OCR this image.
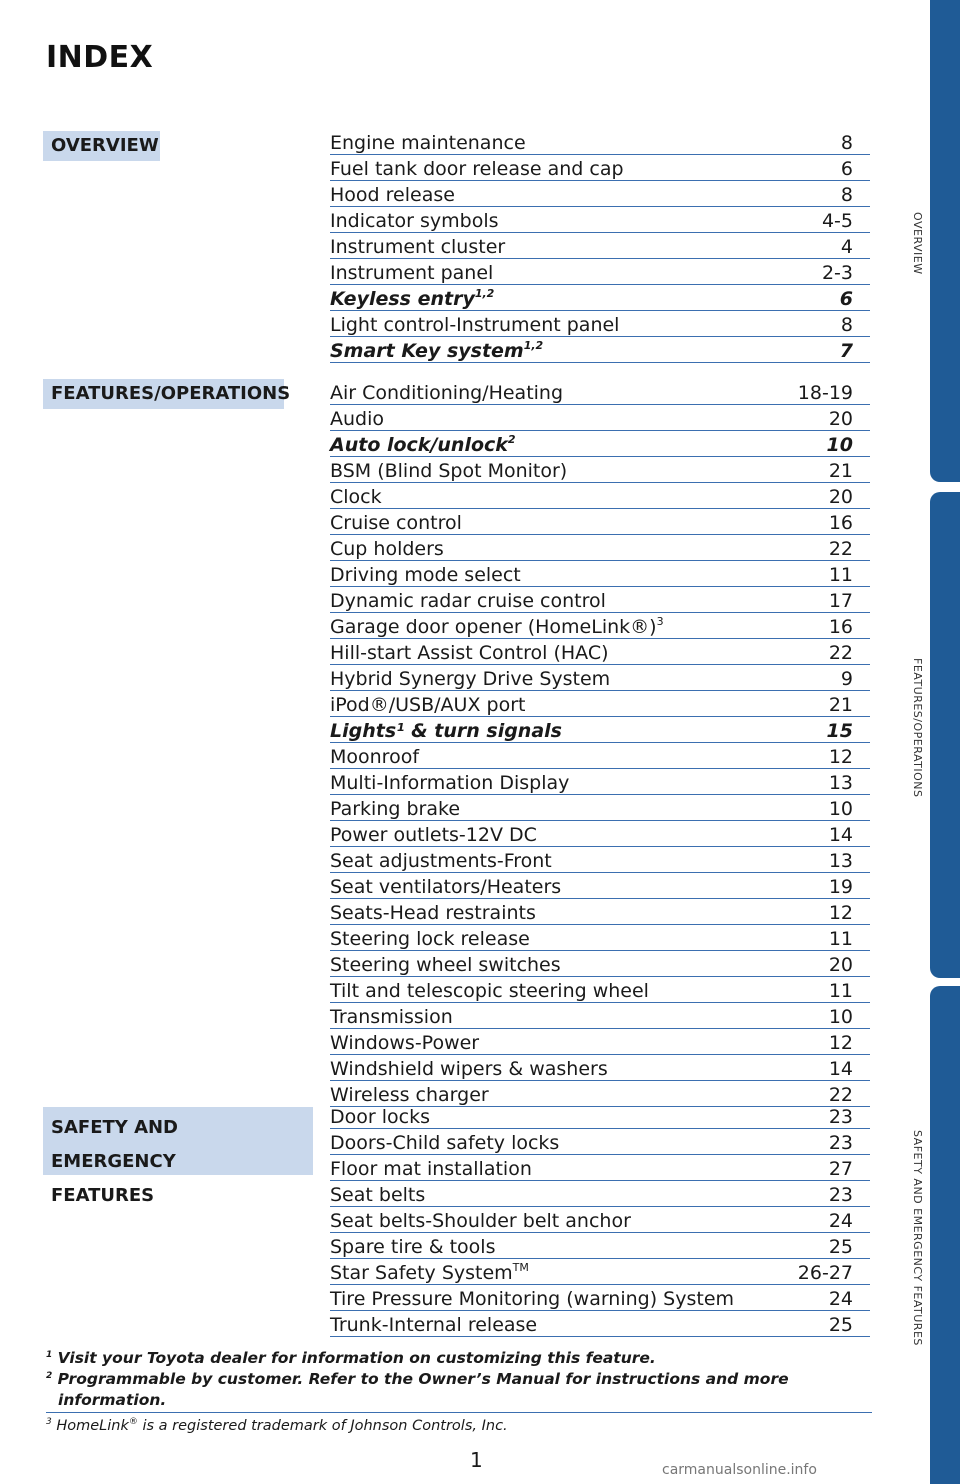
INDEX
OVERVIEW
FEATURES/OPERATIONS
SAFETY AND EMERGENCY
FEATURES
Engine maintenance	8
Fuel tank door release and cap	6
Hood release	8
Indicator symbols	4-5
Instrument cluster	4
Instrument panel	2-3
Keyless entry$^{1,2}$	6
Light control-Instrument panel	8
Smart Key system$^{1,2}$	7
Air Conditioning/Heating	18-19
Audio	20
Auto lock/unlock$^2$	10
BSM (Blind Spot Monitor)	21
Clock	20
Cruise control	16
Cup holders	22
Driving mode select	11
Dynamic radar cruise control	17
Garage door opener (HomeLink®)$^3$	16
Hill-start Assist Control (HAC)	22
Hybrid Synergy Drive System	9
iPod®/USB/AUX port	21
Lights¹ & turn signals	15
Moonroof	12
Multi-Information Display	13
Parking brake	10
Power outlets-12V DC	14
Seat adjustments-Front	13
Seat ventilators/Heaters	19
Seats-Head restraints	12
Steering lock release	11
Steering wheel switches	20
Tilt and telescopic steering wheel	11
Transmission	10
Windows-Power	12
Windshield wipers & washers	14
Wireless charger	22
Door locks	23
Doors-Child safety locks	23
Floor mat installation	27
Seat belts	23
Seat belts-Shoulder belt anchor	24
Spare tire & tools	25
Star Safety System™	26-27
Tire Pressure Monitoring (warning) System	24
Trunk-Internal release	25
$^1$ Visit your Toyota dealer for information on customizing this feature.
$^2$ Programmable by customer. Refer to the Owner’s Manual for instructions and more information.
$^3$ HomeLink® is a registered trademark of Johnson Controls, Inc.
1
OVERVIEW
FEATURES/OPERATIONS
SAFETY AND EMERGENCY FEATURES
carmanualsonline.info
